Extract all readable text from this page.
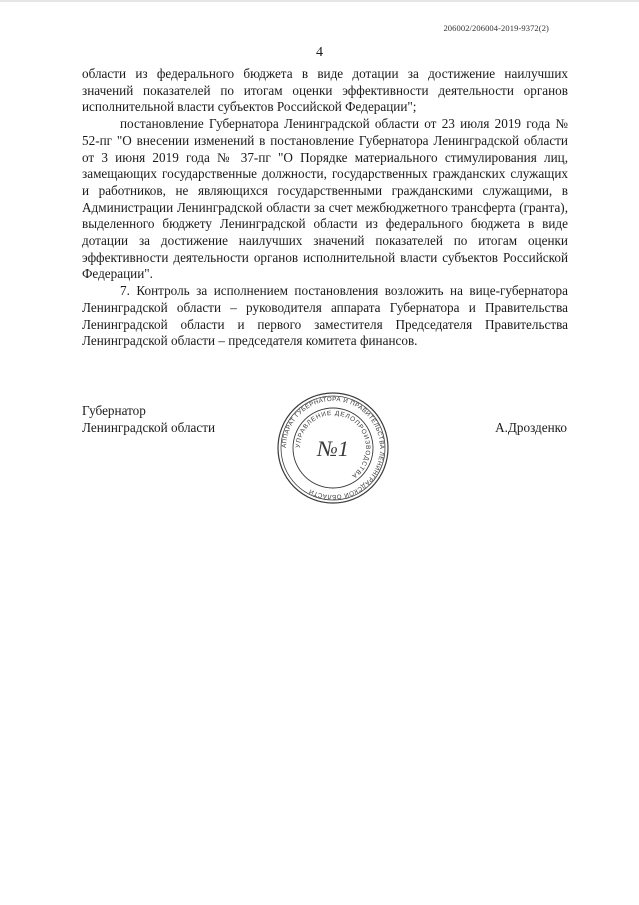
206002/206004-2019-9372(2)
4

области из федерального бюджета в виде дотации за достижение наилучших значений показателей по итогам оценки эффективности деятельности органов исполнительной власти субъектов Российской Федерации";

постановление Губернатора Ленинградской области от 23 июля 2019 года № 52-пг "О внесении изменений в постановление Губернатора Ленинградской области от 3 июня 2019 года № 37-пг "О Порядке материального стимулирования лиц, замещающих государственные должности, государственных гражданских служащих и работников, не являющихся государственными гражданскими служащими, в Администрации Ленинградской области за счет межбюджетного трансферта (гранта), выделенного бюджету Ленинградской области из федерального бюджета в виде дотации за достижение наилучших значений показателей по итогам оценки эффективности деятельности органов исполнительной власти субъектов Российской Федерации".

7. Контроль за исполнением постановления возложить на вице-губернатора Ленинградской области – руководителя аппарата Губернатора и Правительства Ленинградской области и первого заместителя Председателя Правительства Ленинградской области – председателя комитета финансов.

Губернатор
Ленинградской области
АППАРАТ ГУБЕРНАТОРА И ПРАВИТЕЛЬСТВА ЛЕНИНГРАДСКОЙ ОБЛАСТИ
УПРАВЛЕНИЕ ДЕЛОПРОИЗВОДСТВА
№1
А.Дрозденко
